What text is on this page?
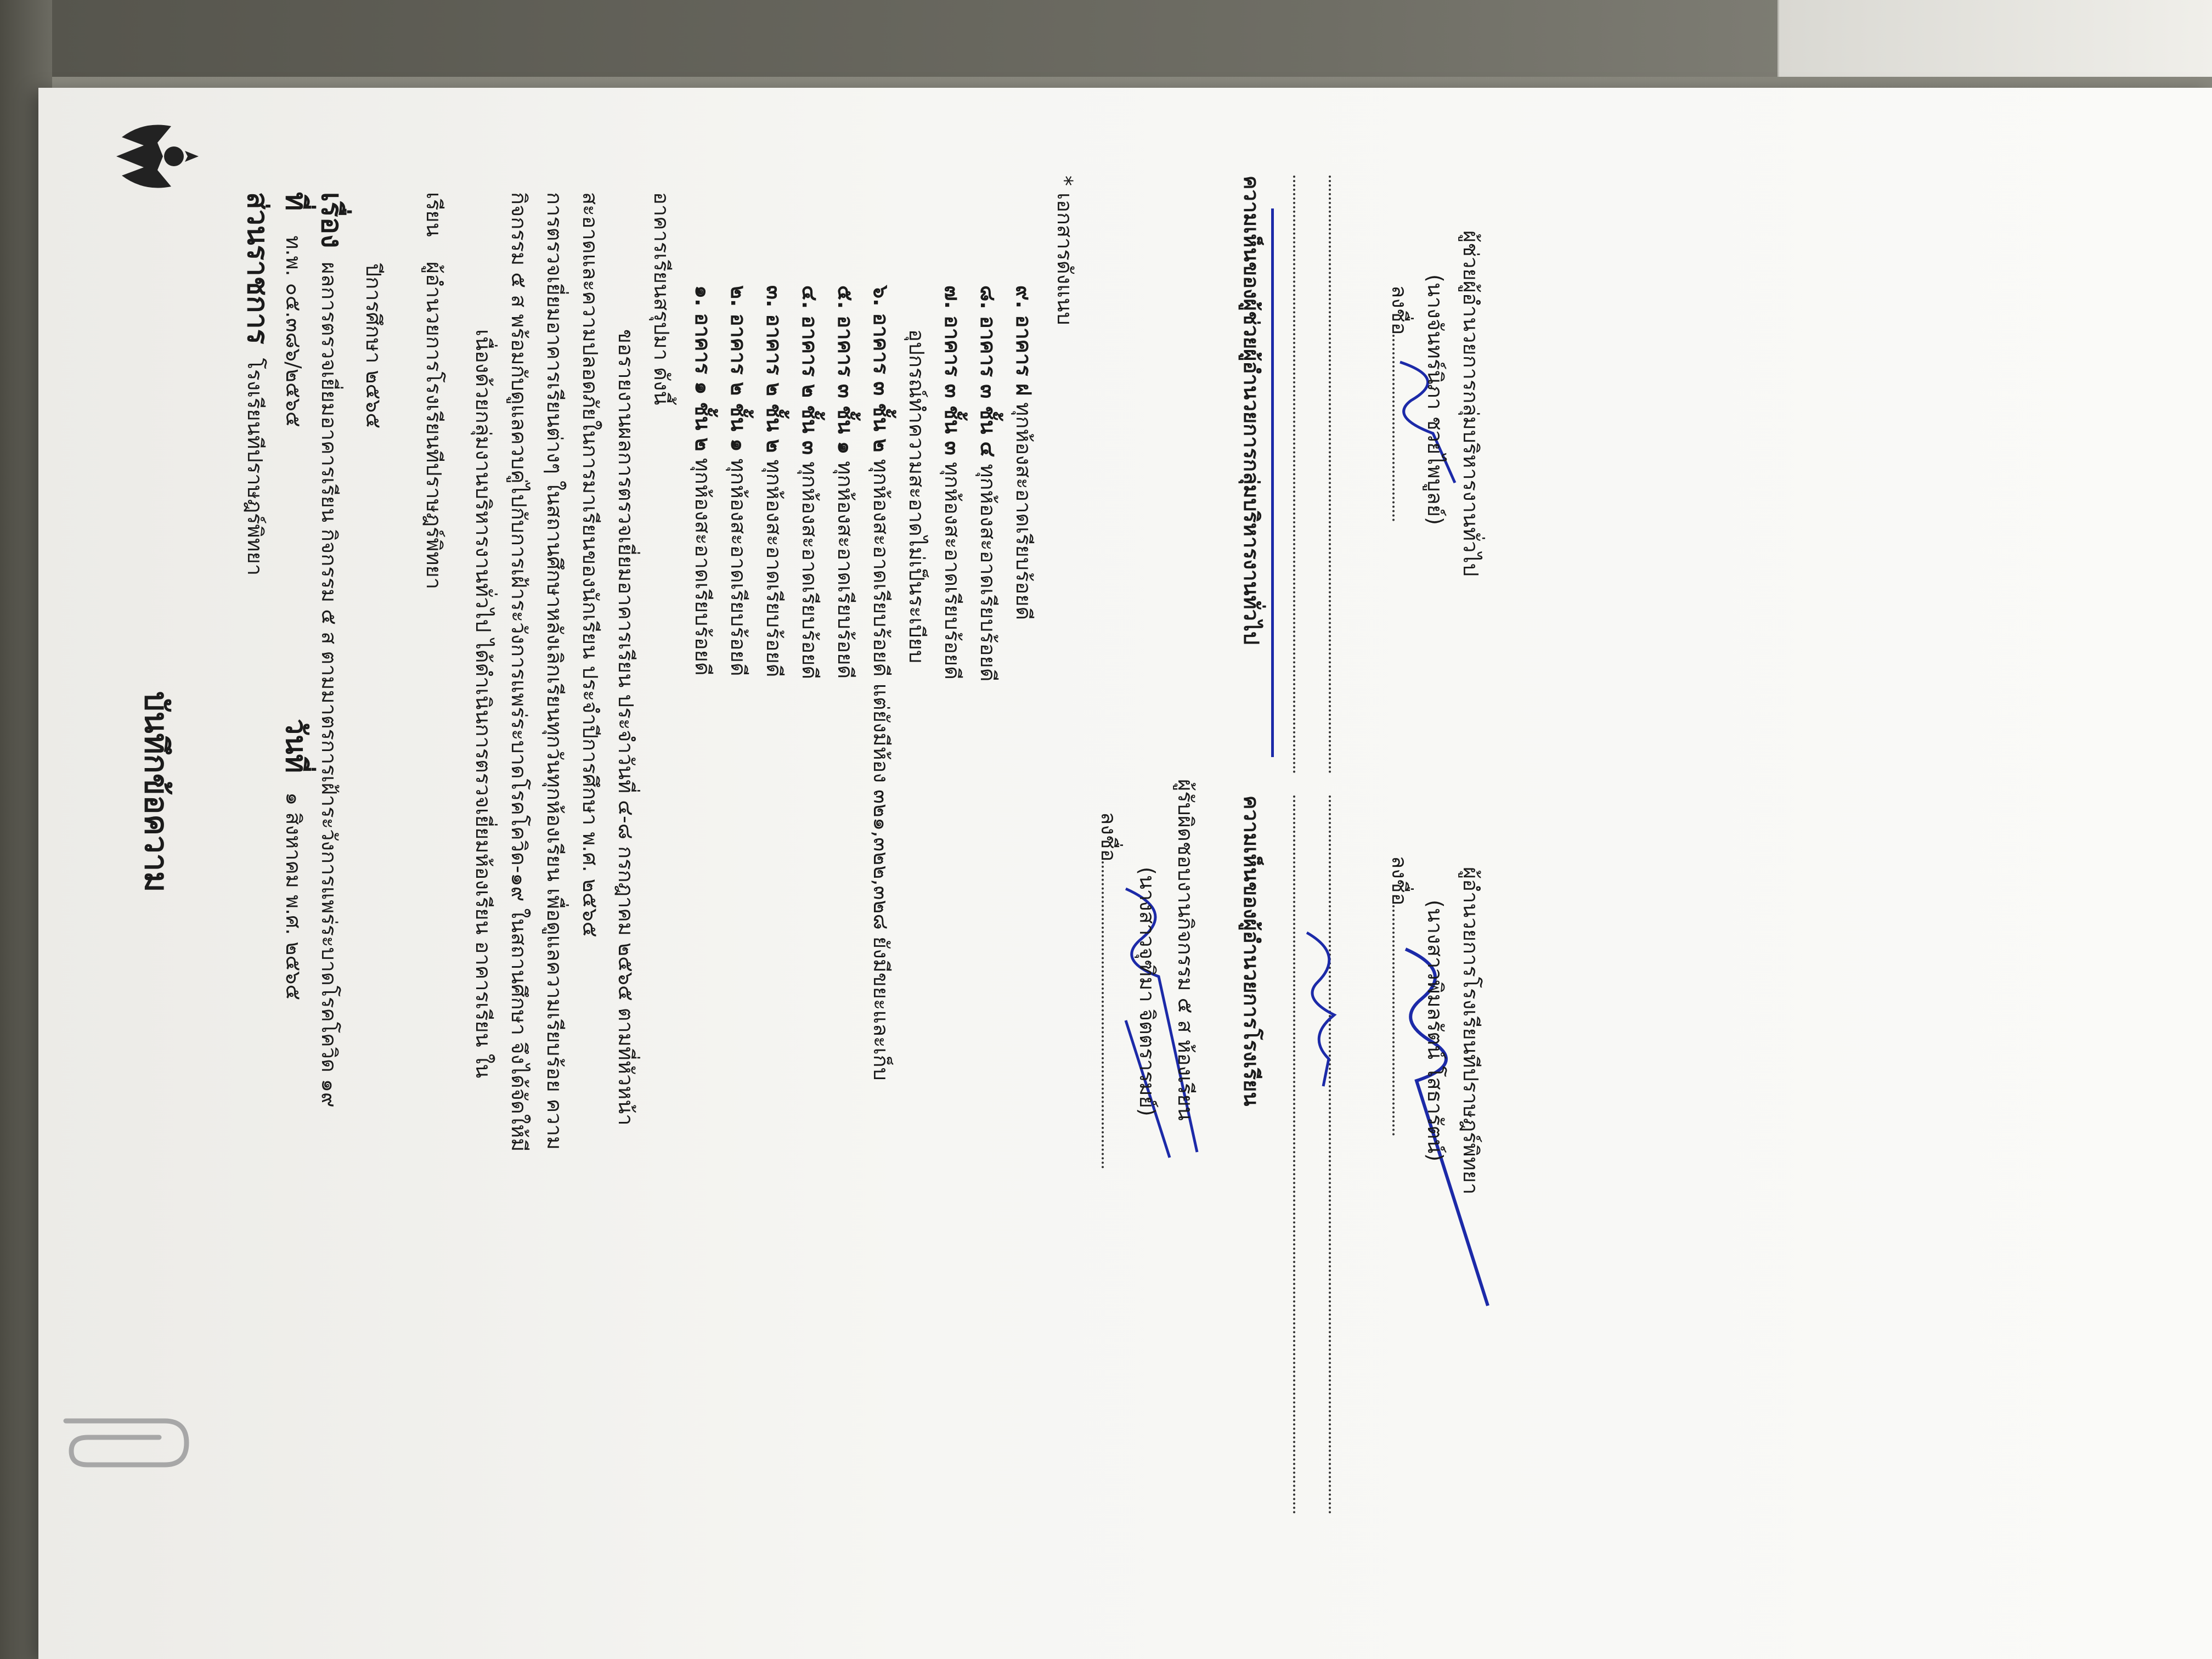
บันทึกข้อความ
ส่วนราชการ โรงเรียนทีปราษฎร์พิทยา
ที่ ท.พ. ๐๕.๓๘๖/๒๕๖๕
วันที่ ๑ สิงหาคม พ.ศ. ๒๕๖๕
เรื่อง ผลการตรวจเยี่ยมอาคารเรียน กิจกรรม ๕ ส ตามมาตรการเฝ้าระวังการแพร่ระบาดโรคโควิด ๑๙ ปีการศึกษา ๒๕๖๕
เรียน ผู้อำนวยการโรงเรียนทีปราษฎร์พิทยา เนื่องด้วยกลุ่มงานบริหารงานทั่วไป ได้ดำเนินการตรวจเยี่ยมห้องเรียน อาคารเรียน ใน กิจกรรม ๕ ส พร้อมกับดูแลควบคู่ไปกับการเฝ้าระวังการแพร่ระบาดโรคโควิด-๑๙ ในสถานศึกษา จึงได้จัดให้มี การตรวจเยี่ยมอาคารเรียนต่างๆ ในสถานศึกษาหลังเลิกเรียนทุกวันทุกห้องเรียน เพื่อดูแลความเรียบร้อย ความ สะอาดและความปลอดภัยในการมาเรียนของนักเรียน ประจำปีการศึกษา พ.ศ. ๒๕๖๕ ขอรายงานผลการตรวจเยี่ยมอาคารเรียน ประจำวันที่ ๔-๘ กรกฎาคม ๒๕๖๕ ตามที่หัวหน้า
อาคารเรียนสรุปมา ดังนี้ ๑. อาคาร ๑ ชั้น ๒ ทุกห้องสะอาดเรียบร้อยดี
๒. อาคาร ๒ ชั้น ๑ ทุกห้องสะอาดเรียบร้อยดี
๓. อาคาร ๒ ชั้น ๒ ทุกห้องสะอาดเรียบร้อยดี
๔. อาคาร ๒ ชั้น ๓ ทุกห้องสะอาดเรียบร้อยดี
๕. อาคาร ๓ ชั้น ๑ ทุกห้องสะอาดเรียบร้อยดี
๖. อาคาร ๓ ชั้น ๒ ทุกห้องสะอาดเรียบร้อยดี แต่ยังมีห้อง ๓๒๑,๓๒๒,๓๒๘ ยังมีขยะและเก็บ อุปกรณ์ทำความสะอาดไม่เป็นระเบียบ
๗. อาคาร ๓ ชั้น ๓ ทุกห้องสะอาดเรียบร้อยดี
๘. อาคาร ๓ ชั้น ๔ ทุกห้องสะอาดเรียบร้อยดี
๙. อาคาร ฝ ทุกห้องสะอาดเรียบร้อยดี
* เอกสารดังแนบ
ลงชื่อ
(นางสาวจุฑิมา จิตตรารมย์) ผู้รับผิดชอบงานกิจกรรม ๕ ส ห้องเรียน
ความเห็นของผู้ช่วยผู้อำนวยการกลุ่มบริหารงานทั่วไป	ลงชื่อ (นางจันทร์นิภา ชวยไพบูลย์) ผู้ช่วยผู้อำนวยการกลุ่มบริหารงานทั่วไป
ความเห็นของผู้อำนวยการโรงเรียน	ลงชื่อ
(นางสาวพิมลรัตน์ โสธารัตน์) ผู้อำนวยการโรงเรียนทีปราษฎร์พิทยา
